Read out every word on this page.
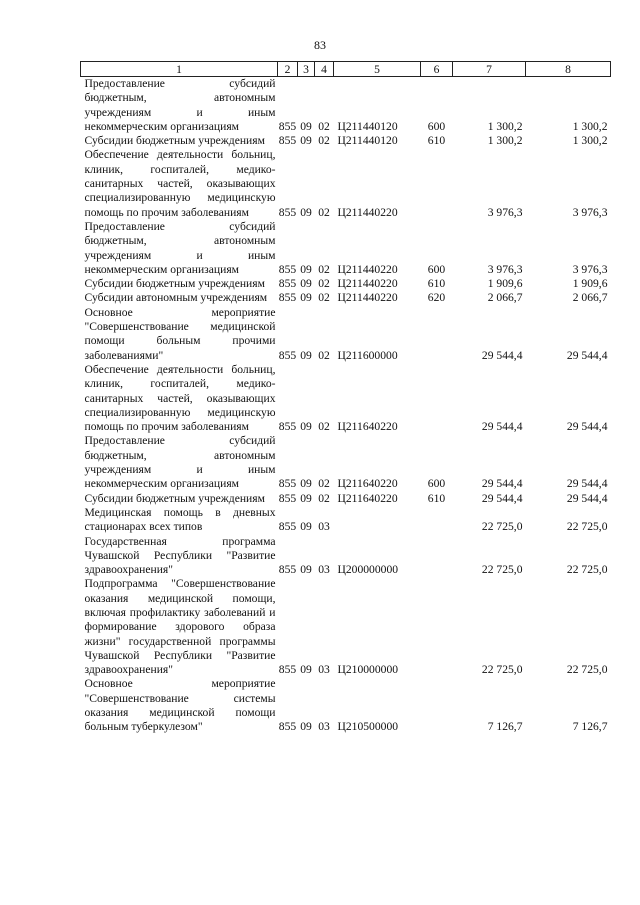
83
1	2	3	4	5	6	7	8
Предоставление субсидий бюджетным, автономным учреждениям и иным некоммерческим организациям	855	09	02	Ц211440120	600	1 300,2	1 300,2
Субсидии бюджетным учреждениям	855	09	02	Ц211440120	610	1 300,2	1 300,2
Обеспечение деятельности больниц, клиник, госпиталей, медико-санитарных частей, оказывающих специализированную медицинскую помощь по прочим заболеваниям	855	09	02	Ц211440220		3 976,3	3 976,3
Предоставление субсидий бюджетным, автономным учреждениям и иным некоммерческим организациям	855	09	02	Ц211440220	600	3 976,3	3 976,3
Субсидии бюджетным учреждениям	855	09	02	Ц211440220	610	1 909,6	1 909,6
Субсидии автономным учреждениям	855	09	02	Ц211440220	620	2 066,7	2 066,7
Основное мероприятие "Совершенствование медицинской помощи больным прочими заболеваниями"	855	09	02	Ц211600000		29 544,4	29 544,4
Обеспечение деятельности больниц, клиник, госпиталей, медико-санитарных частей, оказывающих специализированную медицинскую помощь по прочим заболеваниям	855	09	02	Ц211640220		29 544,4	29 544,4
Предоставление субсидий бюджетным, автономным учреждениям и иным некоммерческим организациям	855	09	02	Ц211640220	600	29 544,4	29 544,4
Субсидии бюджетным учреждениям	855	09	02	Ц211640220	610	29 544,4	29 544,4
Медицинская помощь в дневных стационарах всех типов	855	09	03			22 725,0	22 725,0
Государственная программа Чувашской Республики "Развитие здравоохранения"	855	09	03	Ц200000000		22 725,0	22 725,0
Подпрограмма "Совершенствование оказания медицинской помощи, включая профилактику заболеваний и формирование здорового образа жизни" государственной программы Чувашской Республики "Развитие здравоохранения"	855	09	03	Ц210000000		22 725,0	22 725,0
Основное мероприятие "Совершенствование системы оказания медицинской помощи больным туберкулезом"	855	09	03	Ц210500000		7 126,7	7 126,7
